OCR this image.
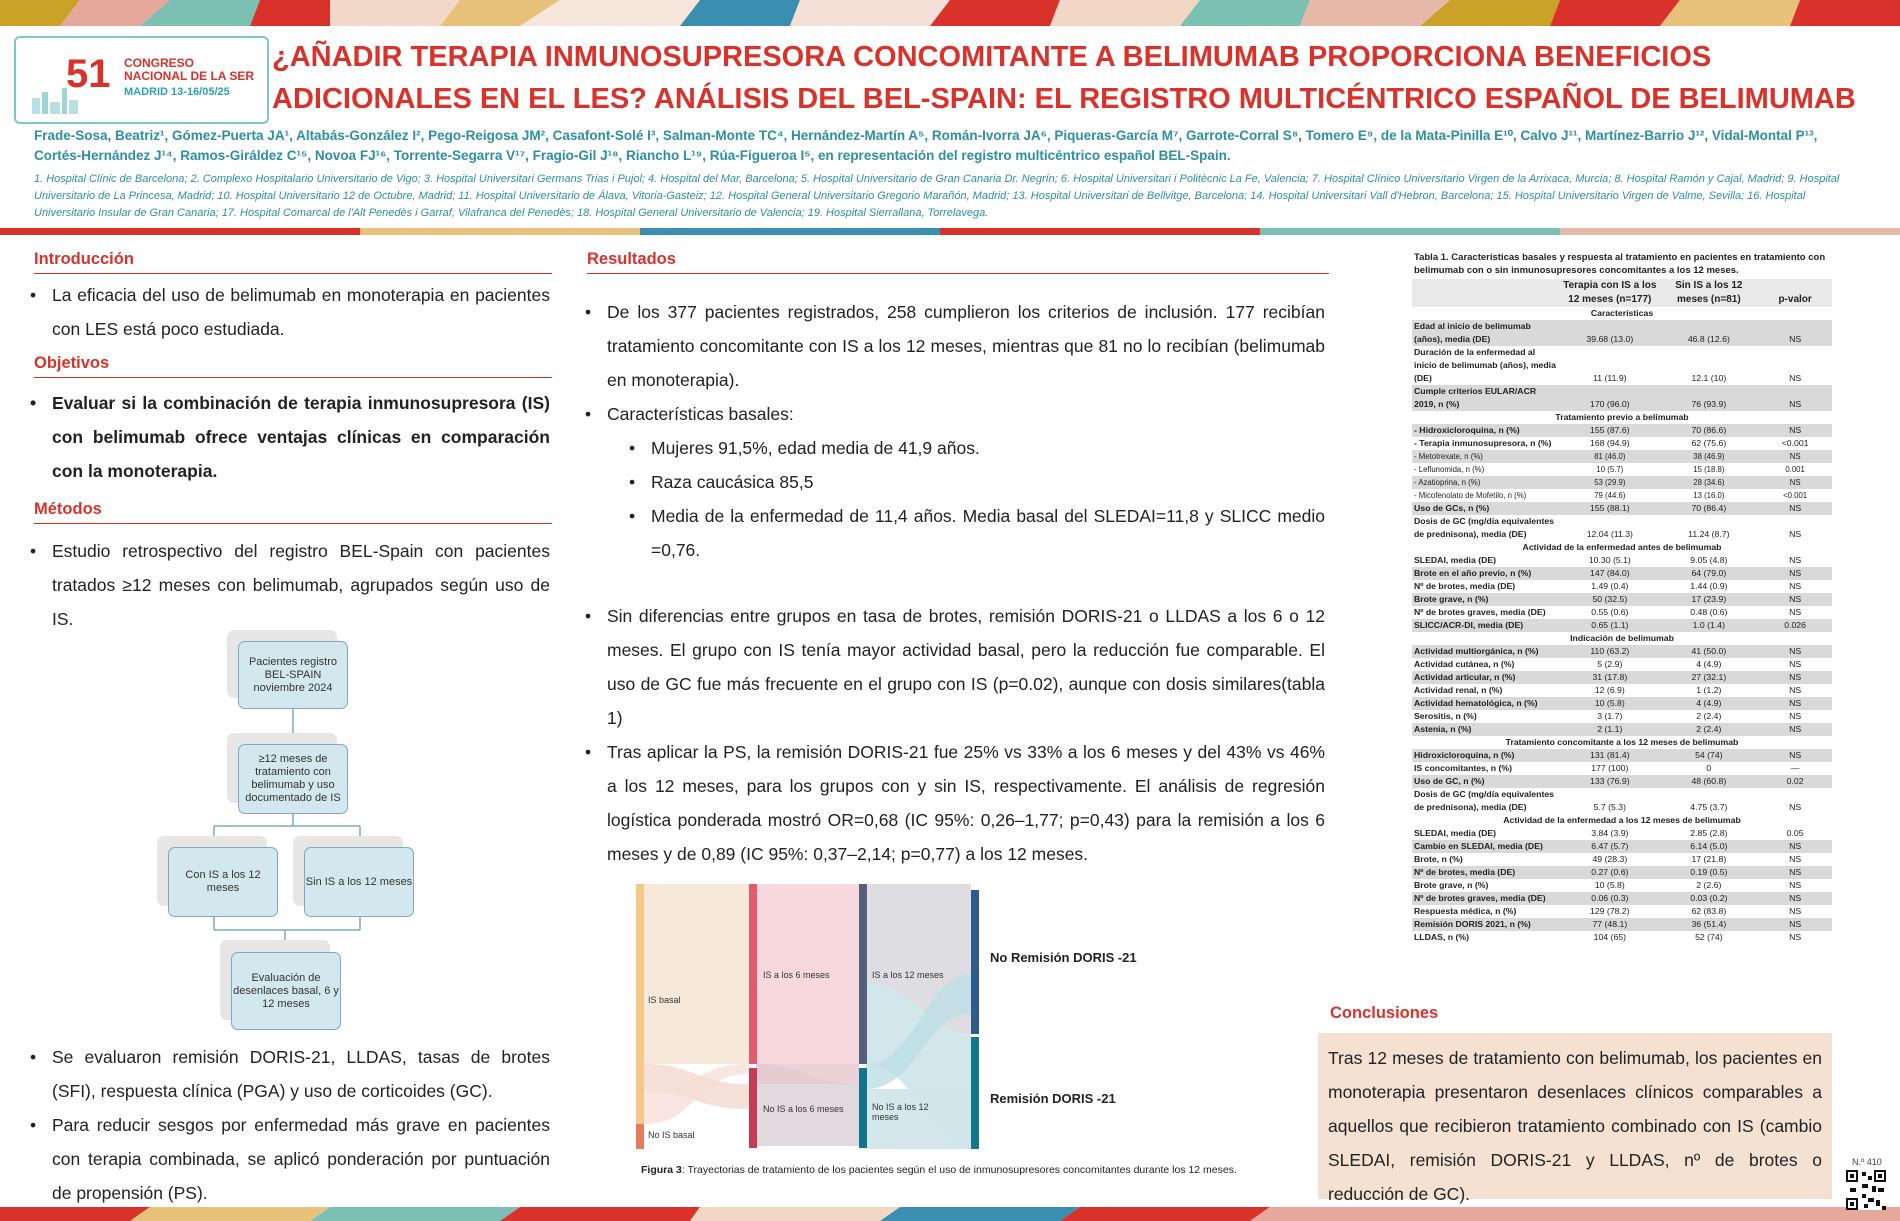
51 CONGRESO
NACIONAL DE LA SER
MADRID 13-16/05/25
¿AÑADIR TERAPIA INMUNOSUPRESORA CONCOMITANTE A BELIMUMAB PROPORCIONA BENEFICIOS ADICIONALES EN EL LES? ANÁLISIS DEL BEL-SPAIN: EL REGISTRO MULTICÉNTRICO ESPAÑOL DE BELIMUMAB
Frade-Sosa, Beatriz¹, Gómez-Puerta JA¹, Altabás-González I², Pego-Reigosa JM², Casafont-Solé I³, Salman-Monte TC⁴, Hernández-Martín A⁵, Román-Ivorra JA⁶, Piqueras-García M⁷, Garrote-Corral S⁸, Tomero E⁹, de la Mata-Pinilla E¹⁰, Calvo J¹¹, Martínez-Barrio J¹², Vidal-Montal P¹³, Cortés-Hernández J¹⁴, Ramos-Giráldez C¹⁵, Novoa FJ¹⁶, Torrente-Segarra V¹⁷, Fragio-Gil J¹⁸, Riancho L¹⁹, Rúa-Figueroa I⁵, en representación del registro multicéntrico español BEL-Spain.
1. Hospital Clínic de Barcelona; 2. Complexo Hospitalario Universitario de Vigo; 3. Hospital Universitari Germans Trias i Pujol; 4. Hospital del Mar, Barcelona; 5. Hospital Universitario de Gran Canaria Dr. Negrín; 6. Hospital Universitari i Politècnic La Fe, Valencia; 7. Hospital Clínico Universitario Virgen de la Arrixaca, Murcia; 8. Hospital Ramón y Cajal, Madrid; 9. Hospital Universitario de La Princesa, Madrid; 10. Hospital Universitario 12 de Octubre, Madrid; 11. Hospital Universitario de Álava, Vitoria-Gasteiz; 12. Hospital General Universitario Gregorio Marañón, Madrid; 13. Hospital Universitari de Bellvitge, Barcelona; 14. Hospital Universitari Vall d'Hebron, Barcelona; 15. Hospital Universitario Virgen de Valme, Sevilla; 16. Hospital Universitario Insular de Gran Canaria; 17. Hospital Comarcal de l'Alt Penedès i Garraf, Vilafranca del Penedès; 18. Hospital General Universitario de Valencia; 19. Hospital Sierrallana, Torrelavega.
Introducción
• La eficacia del uso de belimumab en monoterapia en pacientes con LES está poco estudiada.
Objetivos
• Evaluar si la combinación de terapia inmunosupresora (IS) con belimumab ofrece ventajas clínicas en comparación con la monoterapia.
Métodos
• Estudio retrospectivo del registro BEL-Spain con pacientes tratados ≥12 meses con belimumab, agrupados según uso de IS.
Pacientes registro BEL-SPAIN noviembre 2024
≥12 meses de tratamiento con belimumab y uso documentado de IS
Con IS a los 12 meses
Sin IS a los 12 meses
Evaluación de desenlaces basal, 6 y 12 meses
• Se evaluaron remisión DORIS-21, LLDAS, tasas de brotes (SFI), respuesta clínica (PGA) y uso de corticoides (GC).
• Para reducir sesgos por enfermedad más grave en pacientes con terapia combinada, se aplicó ponderación por puntuación de propensión (PS).
Resultados
• De los 377 pacientes registrados, 258 cumplieron los criterios de inclusión. 177 recibían tratamiento concomitante con IS a los 12 meses, mientras que 81 no lo recibían (belimumab en monoterapia).
• Características basales:
• Mujeres 91,5%, edad media de 41,9 años.
• Raza caucásica 85,5
• Media de la enfermedad de 11,4 años. Media basal del SLEDAI=11,8 y SLICC medio =0,76.
• Sin diferencias entre grupos en tasa de brotes, remisión DORIS-21 o LLDAS a los 6 o 12 meses. El grupo con IS tenía mayor actividad basal, pero la reducción fue comparable. El uso de GC fue más frecuente en el grupo con IS (p=0.02), aunque con dosis similares(tabla 1)
• Tras aplicar la PS, la remisión DORIS-21 fue 25% vs 33% a los 6 meses y del 43% vs 46% a los 12 meses, para los grupos con y sin IS, respectivamente. El análisis de regresión logística ponderada mostró OR=0,68 (IC 95%: 0,26–1,77; p=0,43) para la remisión a los 6 meses y de 0,89 (IC 95%: 0,37–2,14; p=0,77) a los 12 meses.
IS basal
No IS basal
IS a los 6 meses
No IS a los 6 meses
IS a los 12 meses
No IS a los 12 meses
No Remisión DORIS -21
Remisión DORIS -21
Figura 3: Trayectorias de tratamiento de los pacientes según el uso de inmunosupresores concomitantes durante los 12 meses.
Tabla 1. Características basales y respuesta al tratamiento en pacientes en tratamiento con belimumab con o sin inmunosupresores concomitantes a los 12 meses.
	Terapia con IS a los 12 meses (n=177)	Sin IS a los 12 meses (n=81)	p-valor
Características			
Edad al inicio de belimumab (años), media (DE)	39.68 (13.0)	46.8 (12.6)	NS
Duración de la enfermedad al inicio de belimumab (años), media (DE)	11 (11.9)	12.1 (10)	NS
Cumple criterios EULAR/ACR 2019, n (%)	170 (96.0)	76 (93.9)	NS
Tratamiento previo a belimumab			
- Hidroxicloroquina, n (%)	155 (87.6)	70 (86.6)	NS
- Terapia inmunosupresora, n (%)	168 (94.9)	62 (75.6)	<0.001
- Metotrexate, n (%)	81 (46.0)	38 (46.9)	NS
- Leflunomida, n (%)	10 (5.7)	15 (18.8)	0.001
- Azatioprina, n (%)	53 (29.9)	28 (34.6)	NS
- Micofenolato de Mofetilo, n (%)	79 (44.6)	13 (16.0)	<0.001
Uso de GCs, n (%)	155 (88.1)	70 (86.4)	NS
Dosis de GC (mg/día equivalentes de prednisona), media (DE)	12.04 (11.3)	11.24 (8.7)	NS
Actividad de la enfermedad antes de belimumab			
SLEDAI, media (DE)	10.30 (5.1)	9.05 (4.8)	NS
Brote en el año previo, n (%)	147 (84.0)	64 (79.0)	NS
Nº de brotes, media (DE)	1.49 (0.4)	1.44 (0.9)	NS
Brote grave, n (%)	50 (32.5)	17 (23.9)	NS
Nº de brotes graves, media (DE)	0.55 (0.6)	0.48 (0.6)	NS
SLICC/ACR-DI, media (DE)	0.65 (1.1)	1.0 (1.4)	0.026
Indicación de belimumab			
Actividad multiorgánica, n (%)	110 (63.2)	41 (50.0)	NS
Actividad cutánea, n (%)	5 (2.9)	4 (4.9)	NS
Actividad articular, n (%)	31 (17.8)	27 (32.1)	NS
Actividad renal, n (%)	12 (6.9)	1 (1.2)	NS
Actividad hematológica, n (%)	10 (5.8)	4 (4.9)	NS
Serositis, n (%)	3 (1.7)	2 (2.4)	NS
Astenia, n (%)	2 (1.1)	2 (2.4)	NS
Tratamiento concomitante a los 12 meses de belimumab			
Hidroxicloroquina, n (%)	131 (81.4)	54 (74)	NS
IS concomitantes, n (%)	177 (100)	0	—
Uso de GC, n (%)	133 (76.9)	48 (60.8)	0.02
Dosis de GC (mg/día equivalentes de prednisona), media (DE)	5.7 (5.3)	4.75 (3.7)	NS
Actividad de la enfermedad a los 12 meses de belimumab			
SLEDAI, media (DE)	3.84 (3.9)	2.85 (2.8)	0.05
Cambio en SLEDAI, media (DE)	6.47 (5.7)	6.14 (5.0)	NS
Brote, n (%)	49 (28.3)	17 (21.8)	NS
Nº de brotes, media (DE)	0.27 (0.6)	0.19 (0.5)	NS
Brote grave, n (%)	10 (5.8)	2 (2.6)	NS
Nº de brotes graves, media (DE)	0.06 (0.3)	0.03 (0.2)	NS
Respuesta médica, n (%)	129 (78.2)	62 (83.8)	NS
Remisión DORIS 2021, n (%)	77 (48.1)	36 (51.4)	NS
LLDAS, n (%)	104 (65)	52 (74)	NS
Conclusiones
Tras 12 meses de tratamiento con belimumab, los pacientes en monoterapia presentaron desenlaces clínicos comparables a aquellos que recibieron tratamiento combinado con IS (cambio SLEDAI, remisión DORIS-21 y LLDAS, nº de brotes o reducción de GC).
N.º 410
